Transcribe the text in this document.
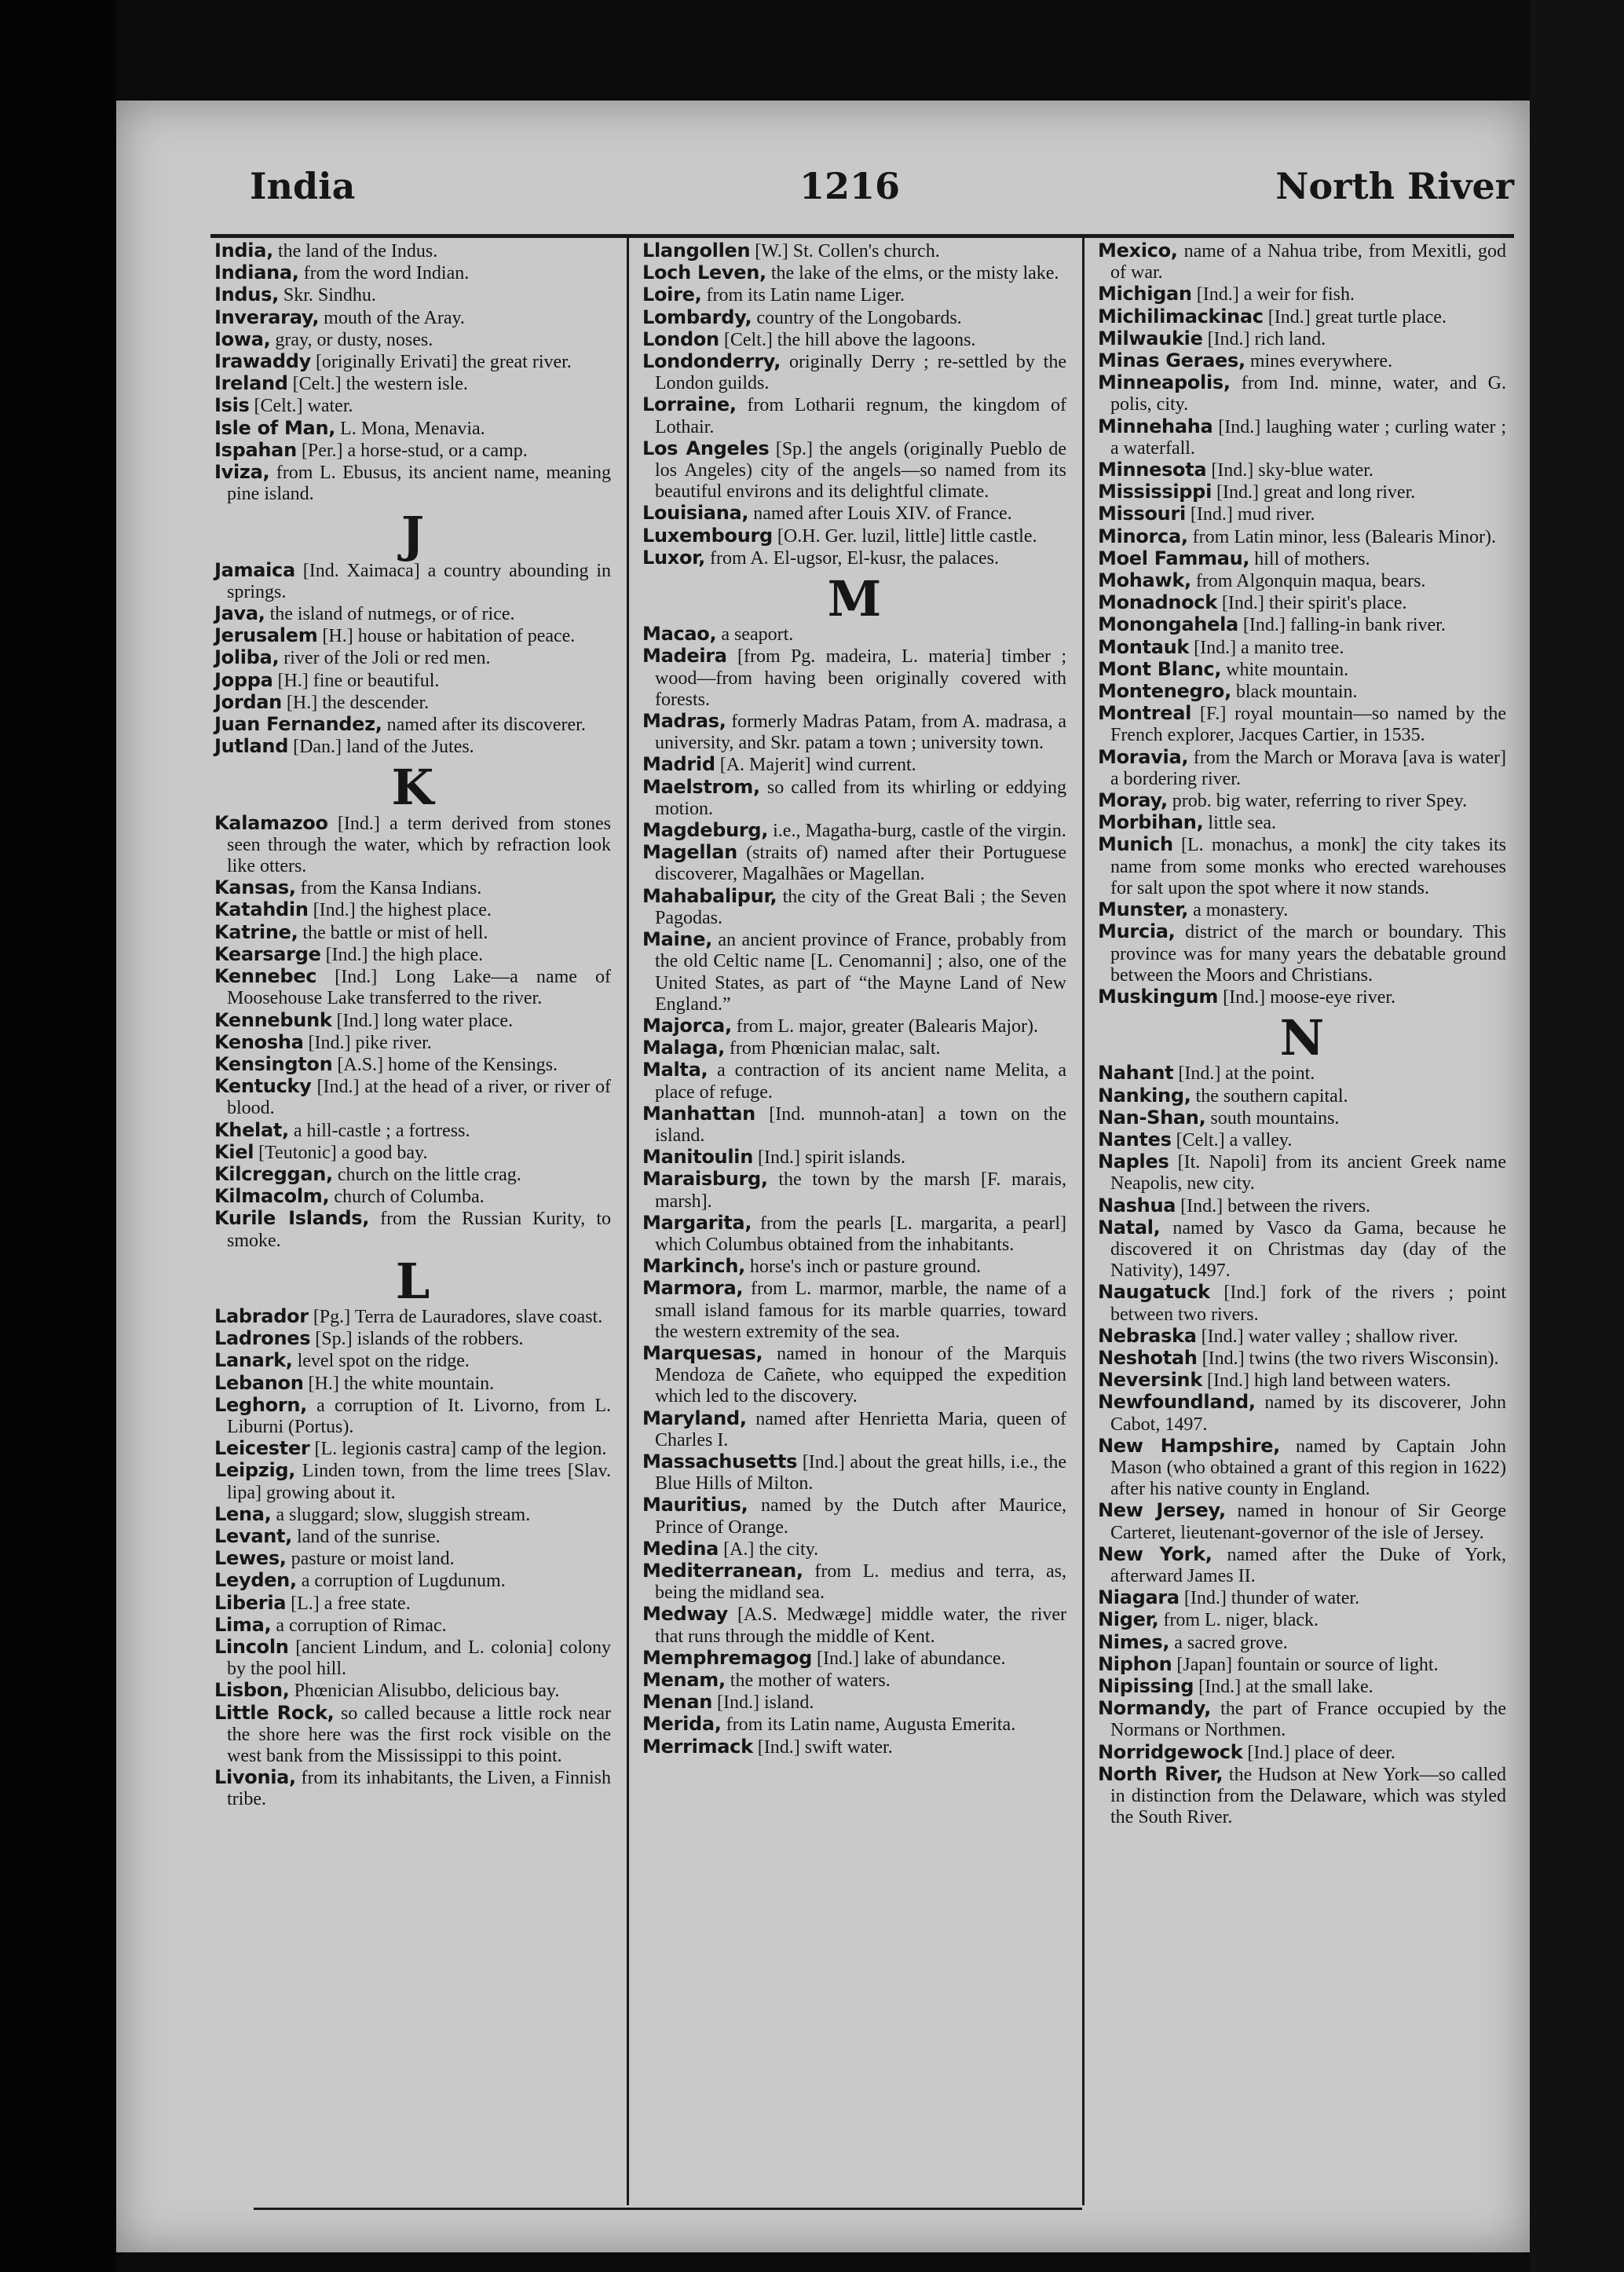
India	1216	North River

India, the land of the Indus.

Indiana, from the word Indian.

Indus, Skr. Sindhu.

Inveraray, mouth of the Aray.

Iowa, gray, or dusty, noses.

Irawaddy [originally Erivati] the great river.

Ireland [Celt.] the western isle.

Isis [Celt.] water.

Isle of Man, L. Mona, Menavia.

Ispahan [Per.] a horse-stud, or a camp.

Iviza, from L. Ebusus, its ancient name, meaning pine island.

J

Jamaica [Ind. Xaimaca] a country abounding in springs.

Java, the island of nutmegs, or of rice.

Jerusalem [H.] house or habitation of peace.

Joliba, river of the Joli or red men.

Joppa [H.] fine or beautiful.

Jordan [H.] the descender.

Juan Fernandez, named after its discoverer.

Jutland [Dan.] land of the Jutes.

K

Kalamazoo [Ind.] a term derived from stones seen through the water, which by refraction look like otters.

Kansas, from the Kansa Indians.

Katahdin [Ind.] the highest place.

Katrine, the battle or mist of hell.

Kearsarge [Ind.] the high place.

Kennebec [Ind.] Long Lake—a name of Moosehouse Lake transferred to the river.

Kennebunk [Ind.] long water place.

Kenosha [Ind.] pike river.

Kensington [A.S.] home of the Kensings.

Kentucky [Ind.] at the head of a river, or river of blood.

Khelat, a hill-castle ; a fortress.

Kiel [Teutonic] a good bay.

Kilcreggan, church on the little crag.

Kilmacolm, church of Columba.

Kurile Islands, from the Russian Kurity, to smoke.

L

Labrador [Pg.] Terra de Lauradores, slave coast.

Ladrones [Sp.] islands of the robbers.

Lanark, level spot on the ridge.

Lebanon [H.] the white mountain.

Leghorn, a corruption of It. Livorno, from L. Liburni (Portus).

Leicester [L. legionis castra] camp of the legion.

Leipzig, Linden town, from the lime trees [Slav. lipa] growing about it.

Lena, a sluggard; slow, sluggish stream.

Levant, land of the sunrise.

Lewes, pasture or moist land.

Leyden, a corruption of Lugdunum.

Liberia [L.] a free state.

Lima, a corruption of Rimac.

Lincoln [ancient Lindum, and L. colonia] colony by the pool hill.

Lisbon, Phœnician Alisubbo, delicious bay.

Little Rock, so called because a little rock near the shore here was the first rock visible on the west bank from the Mississippi to this point.

Livonia, from its inhabitants, the Liven, a Finnish tribe.

Llangollen [W.] St. Collen's church.

Loch Leven, the lake of the elms, or the misty lake.

Loire, from its Latin name Liger.

Lombardy, country of the Longobards.

London [Celt.] the hill above the lagoons.

Londonderry, originally Derry ; re-settled by the London guilds.

Lorraine, from Lotharii regnum, the kingdom of Lothair.

Los Angeles [Sp.] the angels (originally Pueblo de los Angeles) city of the angels—so named from its beautiful environs and its delightful climate.

Louisiana, named after Louis XIV. of France.

Luxembourg [O.H. Ger. luzil, little] little castle.

Luxor, from A. El-ugsor, El-kusr, the palaces.

M

Macao, a seaport.

Madeira [from Pg. madeira, L. materia] timber ; wood—from having been originally covered with forests.

Madras, formerly Madras Patam, from A. madrasa, a university, and Skr. patam a town ; university town.

Madrid [A. Majerit] wind current.

Maelstrom, so called from its whirling or eddying motion.

Magdeburg, i.e., Magatha-burg, castle of the virgin.

Magellan (straits of) named after their Portuguese discoverer, Magalhães or Magellan.

Mahabalipur, the city of the Great Bali ; the Seven Pagodas.

Maine, an ancient province of France, probably from the old Celtic name [L. Cenomanni] ; also, one of the United States, as part of “the Mayne Land of New England.”

Majorca, from L. major, greater (Balearis Major).

Malaga, from Phœnician malac, salt.

Malta, a contraction of its ancient name Melita, a place of refuge.

Manhattan [Ind. munnoh-atan] a town on the island.

Manitoulin [Ind.] spirit islands.

Maraisburg, the town by the marsh [F. marais, marsh].

Margarita, from the pearls [L. margarita, a pearl] which Columbus obtained from the inhabitants.

Markinch, horse's inch or pasture ground.

Marmora, from L. marmor, marble, the name of a small island famous for its marble quarries, toward the western extremity of the sea.

Marquesas, named in honour of the Marquis Mendoza de Cañete, who equipped the expedition which led to the discovery.

Maryland, named after Henrietta Maria, queen of Charles I.

Massachusetts [Ind.] about the great hills, i.e., the Blue Hills of Milton.

Mauritius, named by the Dutch after Maurice, Prince of Orange.

Medina [A.] the city.

Mediterranean, from L. medius and terra, as, being the midland sea.

Medway [A.S. Medwæge] middle water, the river that runs through the middle of Kent.

Memphremagog [Ind.] lake of abundance.

Menam, the mother of waters.

Menan [Ind.] island.

Merida, from its Latin name, Augusta Emerita.

Merrimack [Ind.] swift water.

Mexico, name of a Nahua tribe, from Mexitli, god of war.

Michigan [Ind.] a weir for fish.

Michilimackinac [Ind.] great turtle place.

Milwaukie [Ind.] rich land.

Minas Geraes, mines everywhere.

Minneapolis, from Ind. minne, water, and G. polis, city.

Minnehaha [Ind.] laughing water ; curling water ; a waterfall.

Minnesota [Ind.] sky-blue water.

Mississippi [Ind.] great and long river.

Missouri [Ind.] mud river.

Minorca, from Latin minor, less (Balearis Minor).

Moel Fammau, hill of mothers.

Mohawk, from Algonquin maqua, bears.

Monadnock [Ind.] their spirit's place.

Monongahela [Ind.] falling-in bank river.

Montauk [Ind.] a manito tree.

Mont Blanc, white mountain.

Montenegro, black mountain.

Montreal [F.] royal mountain—so named by the French explorer, Jacques Cartier, in 1535.

Moravia, from the March or Morava [ava is water] a bordering river.

Moray, prob. big water, referring to river Spey.

Morbihan, little sea.

Munich [L. monachus, a monk] the city takes its name from some monks who erected warehouses for salt upon the spot where it now stands.

Munster, a monastery.

Murcia, district of the march or boundary. This province was for many years the debatable ground between the Moors and Christians.

Muskingum [Ind.] moose-eye river.

N

Nahant [Ind.] at the point.

Nanking, the southern capital.

Nan-Shan, south mountains.

Nantes [Celt.] a valley.

Naples [It. Napoli] from its ancient Greek name Neapolis, new city.

Nashua [Ind.] between the rivers.

Natal, named by Vasco da Gama, because he discovered it on Christmas day (day of the Nativity), 1497.

Naugatuck [Ind.] fork of the rivers ; point between two rivers.

Nebraska [Ind.] water valley ; shallow river.

Neshotah [Ind.] twins (the two rivers Wisconsin).

Neversink [Ind.] high land between waters.

Newfoundland, named by its discoverer, John Cabot, 1497.

New Hampshire, named by Captain John Mason (who obtained a grant of this region in 1622) after his native county in England.

New Jersey, named in honour of Sir George Carteret, lieutenant-governor of the isle of Jersey.

New York, named after the Duke of York, afterward James II.

Niagara [Ind.] thunder of water.

Niger, from L. niger, black.

Nimes, a sacred grove.

Niphon [Japan] fountain or source of light.

Nipissing [Ind.] at the small lake.

Normandy, the part of France occupied by the Normans or Northmen.

Norridgewock [Ind.] place of deer.

North River, the Hudson at New York—so called in distinction from the Delaware, which was styled the South River.
